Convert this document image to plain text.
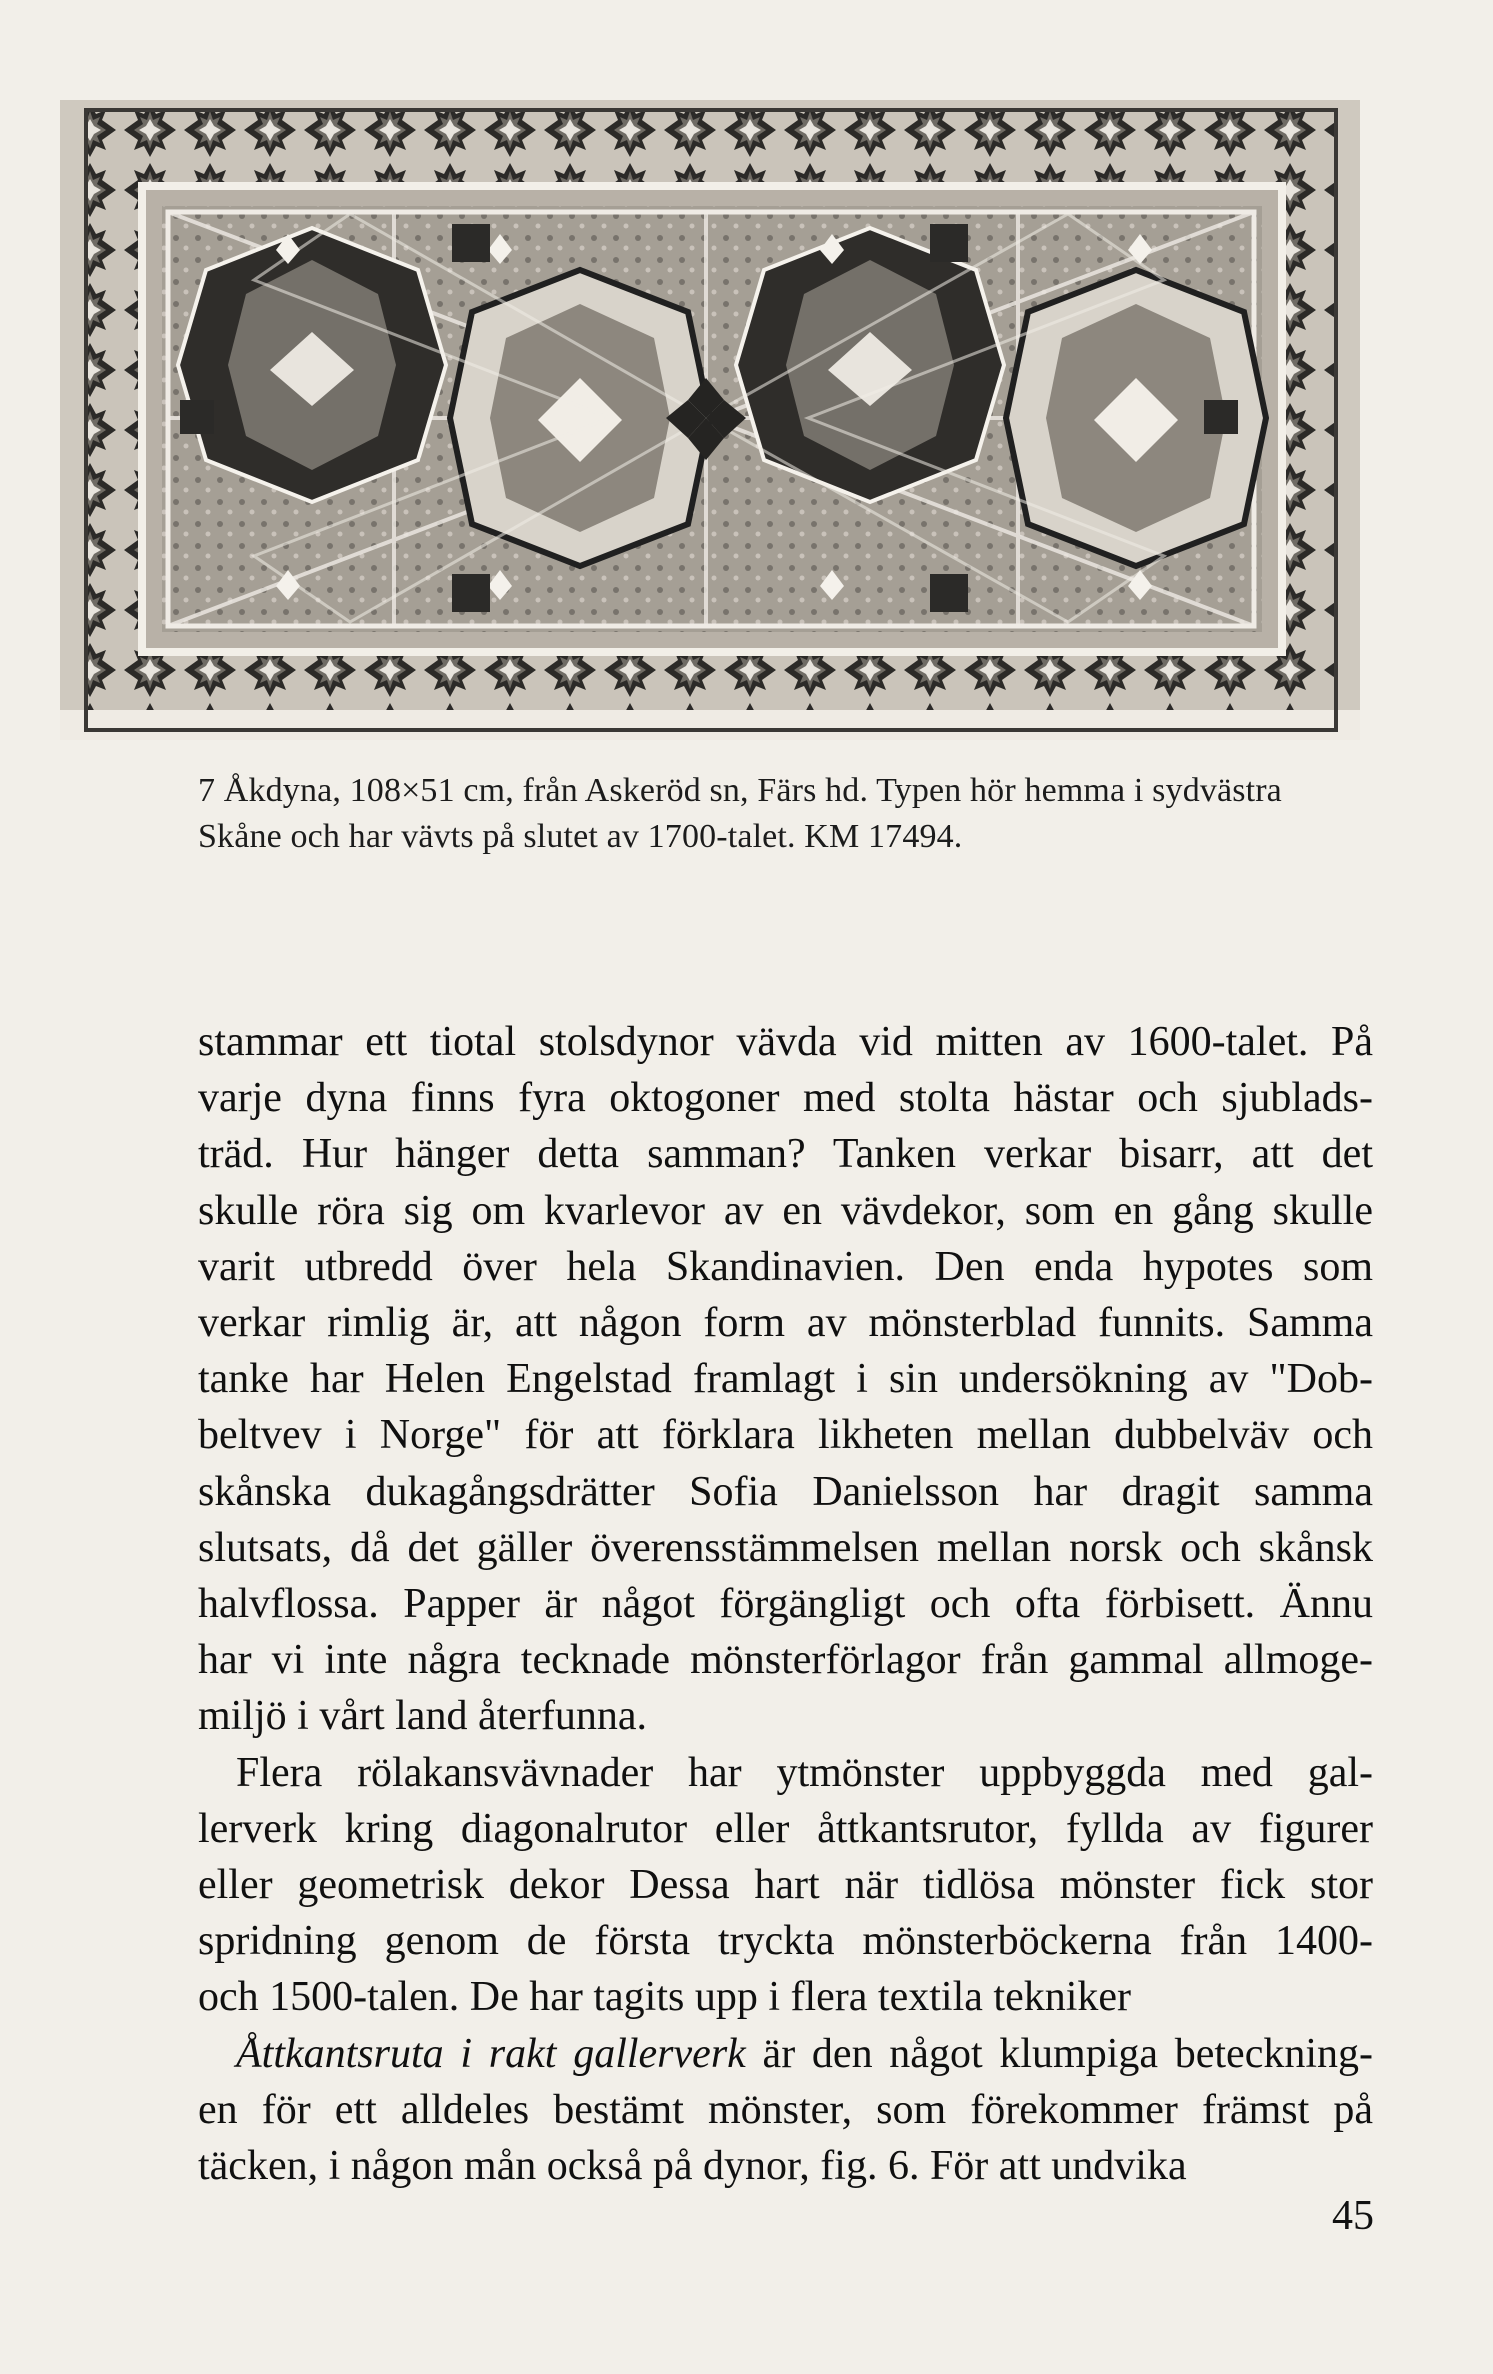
7 Åkdyna, 108×51 cm, från Askeröd sn, Färs hd. Typen hör hemma i sydvästra

Skåne och har vävts på slutet av 1700-talet. KM 17494.

stammar ett tiotal stolsdynor vävda vid mitten av 1600-talet. På
varje dyna finns fyra oktogoner med stolta hästar och sjublads-
träd. Hur hänger detta samman? Tanken verkar bisarr, att det
skulle röra sig om kvarlevor av en vävdekor, som en gång skulle
varit utbredd över hela Skandinavien. Den enda hypotes som
verkar rimlig är, att någon form av mönsterblad funnits. Samma
tanke har Helen Engelstad framlagt i sin undersökning av "Dob-
beltvev i Norge" för att förklara likheten mellan dubbelväv och
skånska dukagångsdrätter Sofia Danielsson har dragit samma
slutsats, då det gäller överensstämmelsen mellan norsk och skånsk
halvflossa. Papper är något förgängligt och ofta förbisett. Ännu
har vi inte några tecknade mönsterförlagor från gammal allmoge-
miljö i vårt land återfunna.
Flera rölakansvävnader har ytmönster uppbyggda med gal-
lerverk kring diagonalrutor eller åttkantsrutor, fyllda av figurer
eller geometrisk dekor Dessa hart när tidlösa mönster fick stor
spridning genom de första tryckta mönsterböckerna från 1400-
och 1500-talen. De har tagits upp i flera textila tekniker
Åttkantsruta i rakt gallerverk är den något klumpiga beteckning-
en för ett alldeles bestämt mönster, som förekommer främst på
täcken, i någon mån också på dynor, fig. 6. För att undvika
45
